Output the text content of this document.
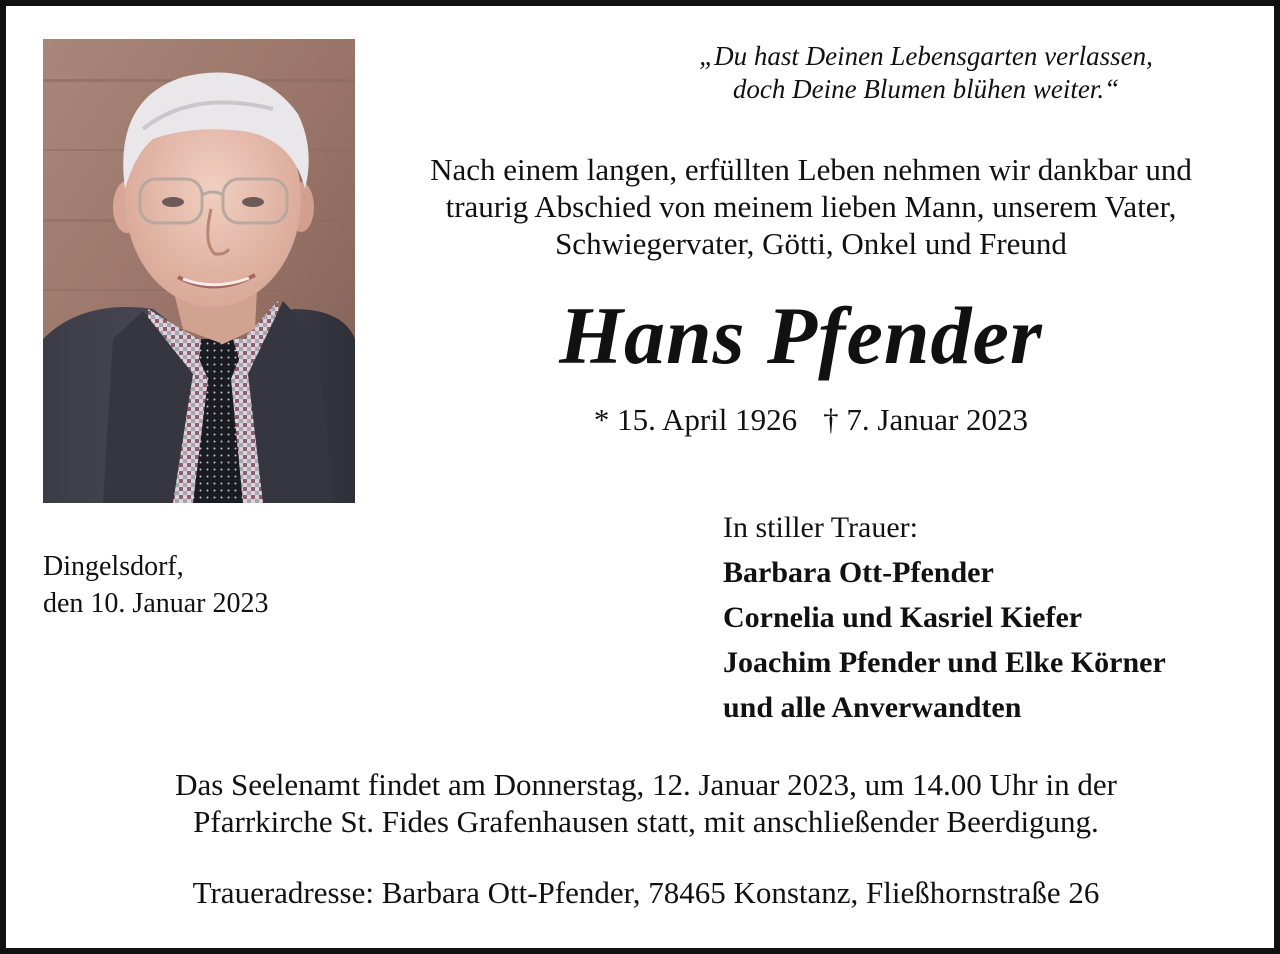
„Du hast Deinen Lebensgarten verlassen,
doch Deine Blumen blühen weiter.“
Nach einem langen, erfüllten Leben nehmen wir dankbar und
traurig Abschied von meinem lieben Mann, unserem Vater,
Schwiegervater, Götti, Onkel und Freund
Hans Pfender
* 15. April 1926 † 7. Januar 2023
Dingelsdorf,
den 10. Januar 2023
In stiller Trauer:
Barbara Ott-Pfender
Cornelia und Kasriel Kiefer
Joachim Pfender und Elke Körner
und alle Anverwandten
Das Seelenamt findet am Donnerstag, 12. Januar 2023, um 14.00 Uhr in der
Pfarrkirche St. Fides Grafenhausen statt, mit anschließender Beerdigung.
Traueradresse: Barbara Ott-Pfender, 78465 Konstanz, Fließhornstraße 26
